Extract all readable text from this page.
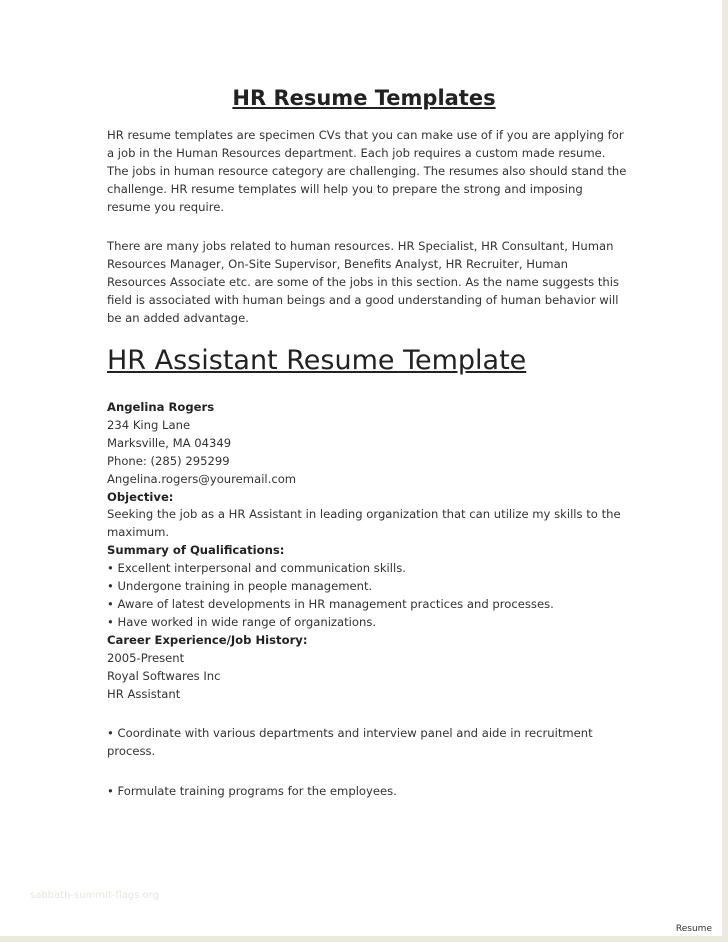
HR Resume Templates
HR resume templates are specimen CVs that you can make use of if you are applying for
a job in the Human Resources department. Each job requires a custom made resume.
The jobs in human resource category are challenging. The resumes also should stand the
challenge. HR resume templates will help you to prepare the strong and imposing
resume you require.
There are many jobs related to human resources. HR Specialist, HR Consultant, Human
Resources Manager, On-Site Supervisor, Benefits Analyst, HR Recruiter, Human
Resources Associate etc. are some of the jobs in this section. As the name suggests this
field is associated with human beings and a good understanding of human behavior will
be an added advantage.
HR Assistant Resume Template
Angelina Rogers
234 King Lane
Marksville, MA 04349
Phone: (285) 295299
Angelina.rogers@youremail.com
Objective:
Seeking the job as a HR Assistant in leading organization that can utilize my skills to the
maximum.
Summary of Qualifications:
• Excellent interpersonal and communication skills.
• Undergone training in people management.
• Aware of latest developments in HR management practices and processes.
• Have worked in wide range of organizations.
Career Experience/Job History:
2005-Present
Royal Softwares Inc
HR Assistant
• Coordinate with various departments and interview panel and aide in recruitment
process.
• Formulate training programs for the employees.
sabbath-summit-flags.org
Resume
